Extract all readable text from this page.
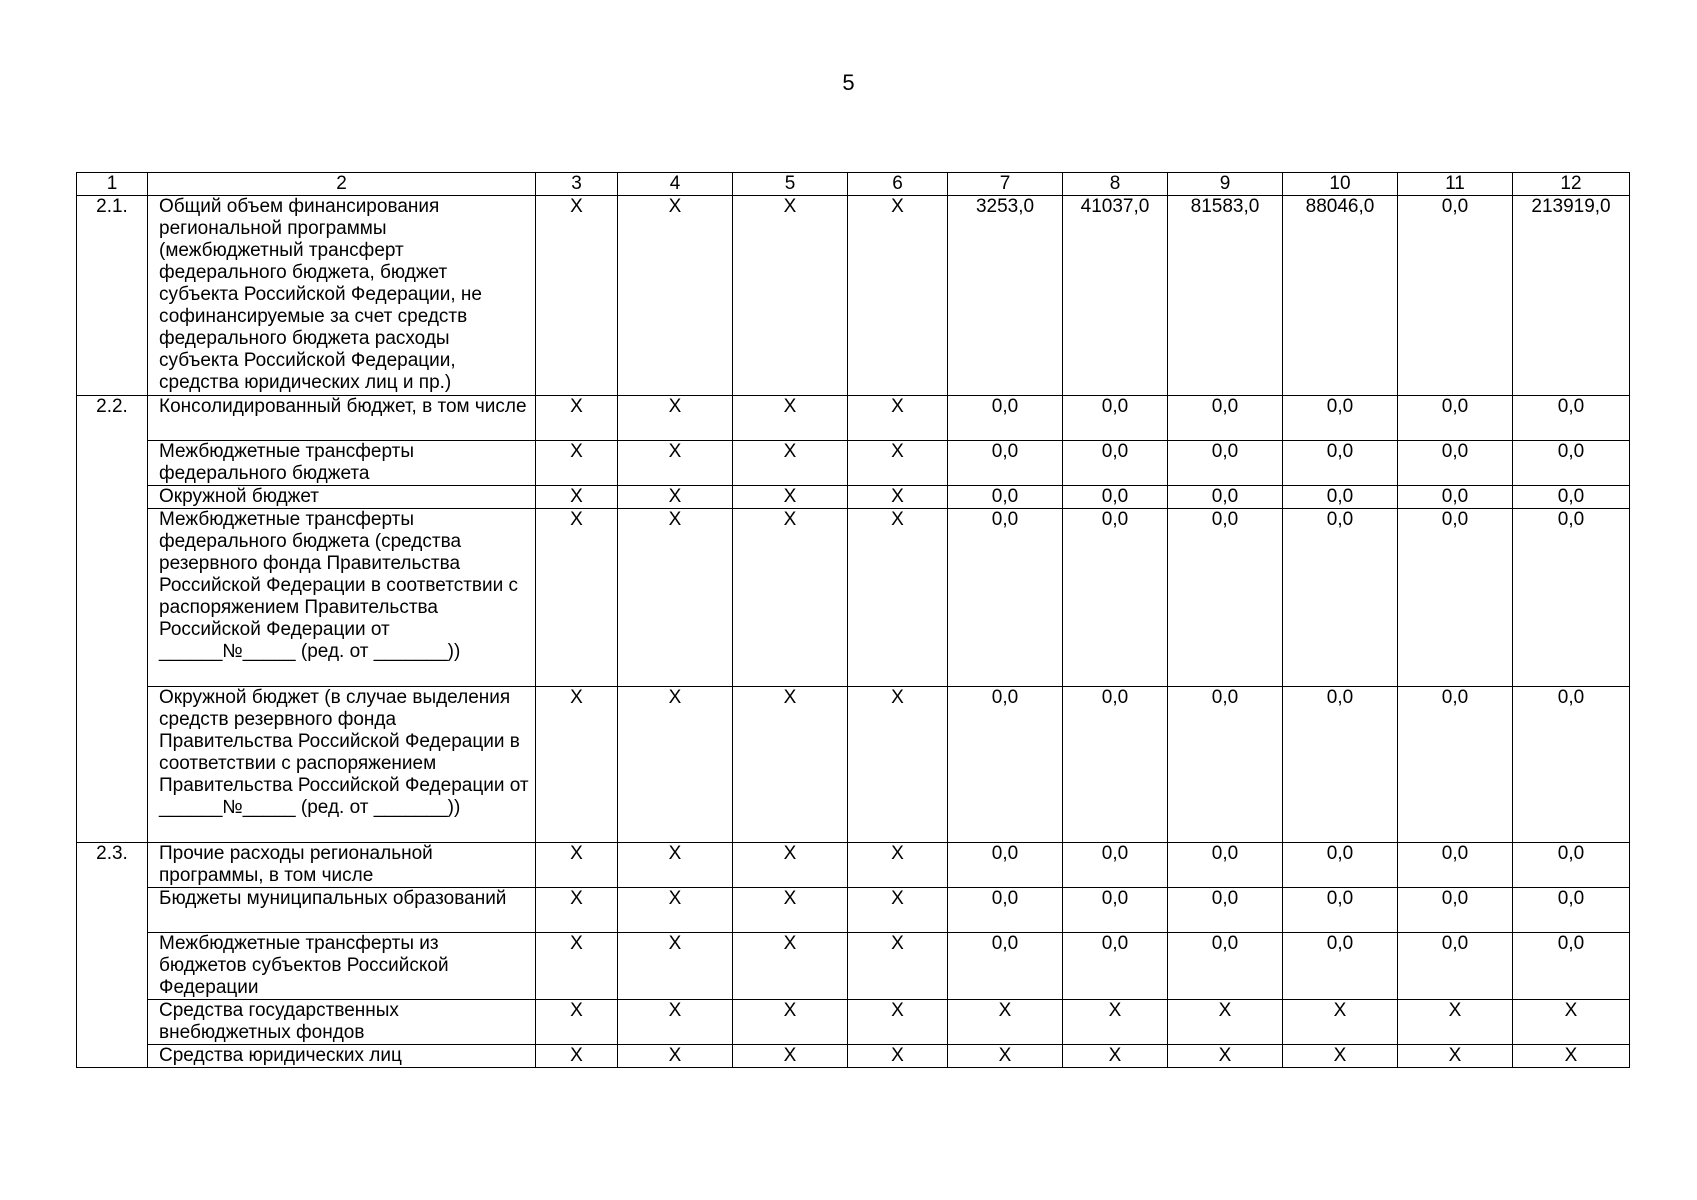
5
1	2	3	4	5	6	7	8	9	10	11	12
2.1.	Общий объем финансирования региональной программы (межбюджетный трансферт федерального бюджета, бюджет субъекта Российской Федерации, не софинансируемые за счет средств федерального бюджета расходы субъекта Российской Федерации, средства юридических лиц и пр.)	X	X	X	X	3253,0	41037,0	81583,0	88046,0	0,0	213919,0
2.2.	Консолидированный бюджет, в том числе	X	X	X	X	0,0	0,0	0,0	0,0	0,0	0,0
	Межбюджетные трансферты федерального бюджета	X	X	X	X	0,0	0,0	0,0	0,0	0,0	0,0
	Окружной бюджет	X	X	X	X	0,0	0,0	0,0	0,0	0,0	0,0
	Межбюджетные трансферты федерального бюджета (средства резервного фонда Правительства Российской Федерации в соответствии с распоряжением Правительства Российской Федерации от ______№_____ (ред. от _______))	X	X	X	X	0,0	0,0	0,0	0,0	0,0	0,0
	Окружной бюджет (в случае выделения средств резервного фонда Правительства Российской Федерации в соответствии с распоряжением Правительства Российской Федерации от ______№_____ (ред. от _______))	X	X	X	X	0,0	0,0	0,0	0,0	0,0	0,0
2.3.	Прочие расходы региональной программы, в том числе	X	X	X	X	0,0	0,0	0,0	0,0	0,0	0,0
	Бюджеты муниципальных образований	X	X	X	X	0,0	0,0	0,0	0,0	0,0	0,0
	Межбюджетные трансферты из бюджетов субъектов Российской Федерации	X	X	X	X	0,0	0,0	0,0	0,0	0,0	0,0
	Средства государственных внебюджетных фондов	X	X	X	X	X	X	X	X	X	X
	Средства юридических лиц	X	X	X	X	X	X	X	X	X	X
